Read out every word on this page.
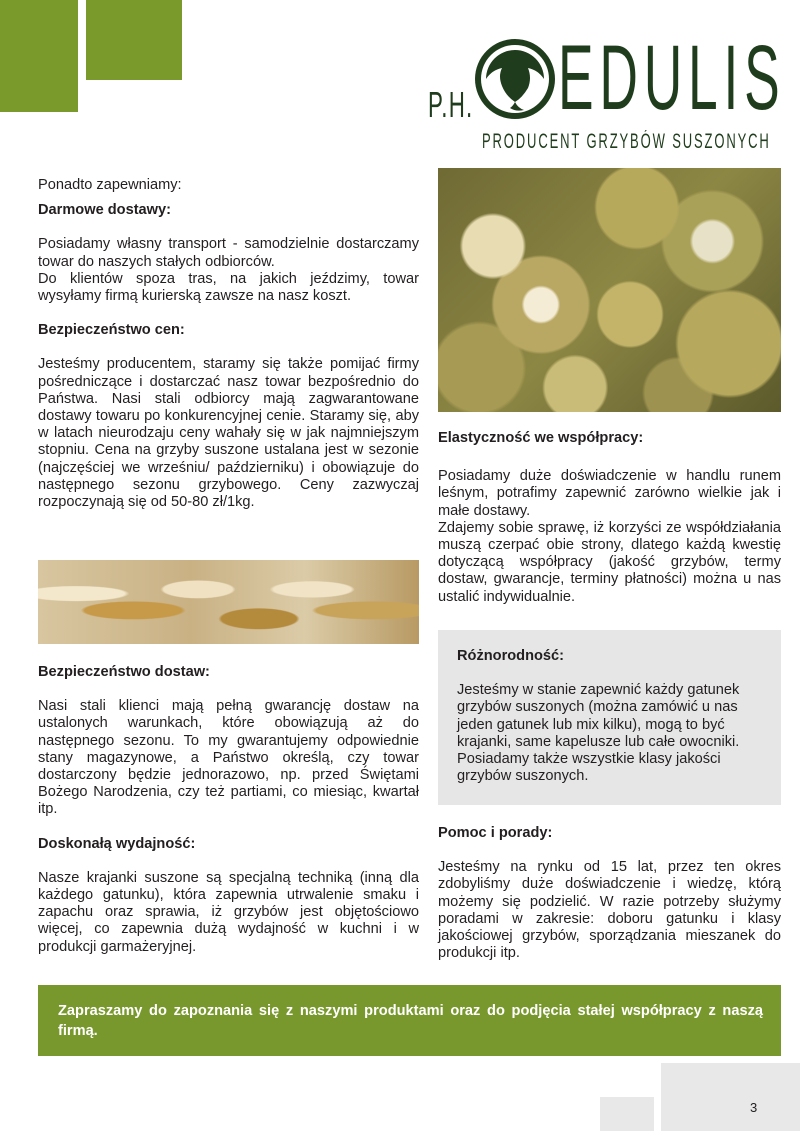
P.H. EDULIS
PRODUCENT GRZYBÓW SUSZONYCH

Ponadto zapewniamy:

Darmowe dostawy:

Posiadamy własny transport - samodzielnie dostarczamy towar do naszych stałych odbiorców.

Do klientów spoza tras, na jakich jeździmy, towar wysyłamy firmą kurierską zawsze na nasz koszt.

Bezpieczeństwo cen:

Jesteśmy producentem, staramy się także pomijać firmy pośredniczące i dostarczać nasz towar bezpośrednio do Państwa. Nasi stali odbiorcy mają zagwarantowane dostawy towaru po konkurencyjnej cenie. Staramy się, aby w latach nieurodzaju ceny wahały się w jak najmniejszym stopniu. Cena na grzyby suszone ustalana jest w sezonie (najczęściej we wrześniu/ październiku) i obowiązuje do następnego sezonu grzybowego. Ceny zazwyczaj rozpoczynają się od 50-80 zł/1kg.

Bezpieczeństwo dostaw:

Nasi stali klienci mają pełną gwarancję dostaw na ustalonych warunkach, które obowiązują aż do następnego sezonu. To my gwarantujemy odpowiednie stany magazynowe, a Państwo określą, czy towar dostarczony będzie jednorazowo, np. przed Świętami Bożego Narodzenia, czy też partiami, co miesiąc, kwartał itp.

Doskonałą wydajność:

Nasze krajanki suszone są specjalną techniką (inną dla każdego gatunku), która zapewnia utrwalenie smaku i zapachu oraz sprawia, iż grzybów jest objętościowo więcej, co zapewnia dużą wydajność w kuchni i w produkcji garmażeryjnej.

Elastyczność we współpracy:

Posiadamy duże doświadczenie w handlu runem leśnym, potrafimy zapewnić zarówno wielkie jak i małe dostawy.

Zdajemy sobie sprawę, iż korzyści ze współdziałania muszą czerpać obie strony, dlatego każdą kwestię dotyczącą współpracy (jakość grzybów, termy dostaw, gwarancje, terminy płatności) można u nas ustalić indywidualnie.

Różnorodność:

Jesteśmy w stanie zapewnić każdy gatunek grzybów suszonych (można zamówić u nas jeden gatunek lub mix kilku), mogą to być krajanki, same kapelusze lub całe owocniki. Posiadamy także wszystkie klasy jakości grzybów suszonych.

Pomoc i porady:

Jesteśmy na rynku od 15 lat, przez ten okres zdobyliśmy duże doświadczenie i wiedzę, którą możemy się podzielić. W razie potrzeby służymy poradami w zakresie: doboru gatunku i klasy jakościowej grzybów, sporządzania mieszanek do produkcji itp.

Zapraszamy do zapoznania się z naszymi produktami oraz do podjęcia stałej współpracy z naszą firmą.

3
